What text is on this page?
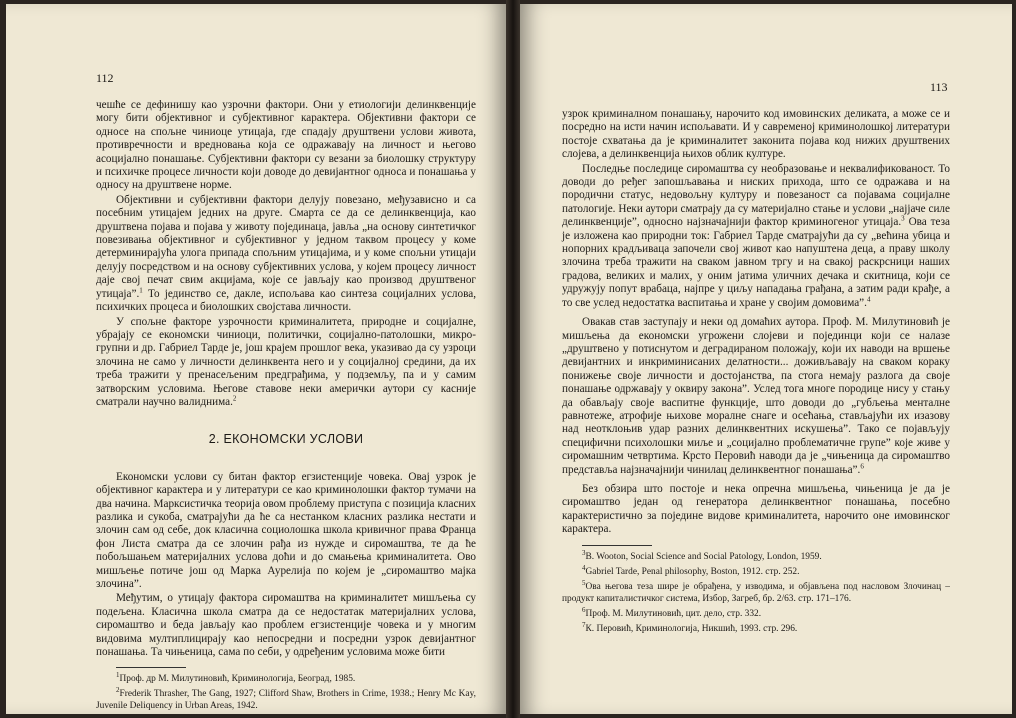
112

чешће се дефинишу као узрочни фактори. Они у етиологији делинквенције могу бити објективног и субјективног карактера. Објективни фактори се односе на спољне чиниоце утицаја, где спадају друштвени услови живота, противречности и вредновања која се одражавају на личност и његово асоцијално понашање. Субјективни фактори су везани за биолошку структуру и психичке процесе личности који доводе до девијантног односа и понашања у односу на друштвене норме.

Објективни и субјективни фактори делују повезано, међузависно и са посебним утицајем једних на друге. Смарта се да се делинквенција, као друштвена појава и појава у животу појединаца, јавља „на основу синтетичког повезивања објективног и субјективног у једном таквом процесу у коме детерминирајућа улога припада спољним утицајима, и у коме спољни утицаји делују посредством и на основу субјективних услова, у којем процесу личност даје свој печат свим акцијама, које се јављају као производ друштвеног утицаја”.$^1$ То јединство се, дакле, испољава као синтеза социјалних услова, психичких процеса и биолошких својстава личности.

У спољне факторе узрочности криминалитета, природне и социјалне, убрајају се економски чиниоци, политички, социјално-патолошки, микро-групни и др. Габриел Тарде је, још крајем прошлог века, указивао да су узроци злочина не само у личности делинквента него и у социјалној средини, да их треба тражити у пренасељеним предграђима, у подземљу, па и у самим затворским условима. Његове ставове неки амерички аутори су касније сматрали научно валиднима.$^2$

2. ЕКОНОМСКИ УСЛОВИ

Економски услови су битан фактор егзистенције човека. Овај узрок је објективног карактера и у литератури се као криминолошки фактор тумачи на два начина. Марксистичка теорија овом проблему приступа с позиција класних разлика и сукоба, сматрајући да ће са нестанком класних разлика нестати и злочин сам од себе, док класична социолошка школа кривичног права Франца фон Листа сматра да се злочин рађа из нужде и сиромаштва, те да ће побољшањем материјалних услова доћи и до смањења криминалитета. Ово мишљење потиче још од Марка Аурелија по којем је „сиромаштво мајка злочина”.

Међутим, о утицају фактора сиромаштва на криминалитет мишљења су подељена. Класична школа сматра да се недостатак материјалних услова, сиромаштво и беда јављају као проблем егзистенције човека и у многим видовима мултиплицирају као непосредни и посредни узрок девијантног понашања. Та чињеница, сама по себи, у одређеним условима може бити

$^1$Проф. др М. Милутиновић, Криминологија, Београд, 1985.

$^2$Frederik Thrasher, The Gang, 1927; Clifford Shaw, Brothers in Crime, 1938.; Henry Mc Kay, Juvenile Deliquency in Urban Areas, 1942.

113

узрок криминалном понашању, нарочито код имовинских деликата, а може се и посредно на исти начин испољавати. И у савременој криминолошкој литератури постоје схватања да је криминалитет законита појава код нижих друштвених слојева, а делинквенција њихов облик културе.

Последње последице сиромаштва су необразовање и неквалификованост. То доводи до ређег запошљавања и ниских прихода, што се одражава и на породични статус, недовољну културу и повезаност са појавама социјалне патологије. Неки аутори сматрају да су материјално стање и услови „најјаче силе делинквенције”, односно најзначајнији фактор криминогеног утицаја.$^3$ Ова теза је изложена као природни ток: Габриел Тарде сматрајући да су „већина убица и нопорних крадљиваца започели свој живот као напуштена деца, а праву школу злочина треба тражити на сваком јавном тргу и на свакој раскрсници наших градова, великих и малих, у оним јатима уличних дечака и скитница, који се удружују попут врабаца, најпре у циљу нападања грађана, а затим ради крађе, а то све услед недостатка васпитања и хране у својим домовима”.$^4$

Овакав став заступају и неки од домаћих аутора. Проф. М. Милутиновић је мишљења да економски угрожени слојеви и појединци који се налазе „друштвено у потиснутом и деградираном положају, који их наводи на вршење девијантних и инкриминисаних делатности... доживљавају на сваком кораку понижење своје личности и достојанства, па стога немају разлога да своје понашање одржавају у оквиру закона”. Услед тога многе породице нису у стању да обављају своје васпитне функције, што доводи до „губљења менталне равнотеже, атрофије њихове моралне снаге и осећања, стављајући их изазову над неотклоњив удар разних делинквентних искушења”. Тако се појављују специфични психолошки миље и „социјално проблематичне групе” које живе у сиромашним четвртима. Крсто Перовић наводи да је „чињеница да сиромаштво представља најзначајнији чинилац делинквентног понашања”.$^6$

Без обзира што постоје и нека опречна мишљења, чињеница је да је сиромаштво један од генератора делинквентног понашања, посебно карактеристично за поједине видове криминалитета, нарочито оне имовинског карактера.

$^3$B. Wooton, Social Science and Social Patology, London, 1959.

$^4$Gabriel Tarde, Penal philosophy, Boston, 1912. стр. 252.

$^5$Ова његова теза шире је обрађена, у изводима, и објављена под насловом Злочинац – продукт капиталистичког система, Избор, Загреб, бр. 2/63. стр. 171–176.

$^6$Проф. М. Милутиновић, цит. дело, стр. 332.

$^7$К. Перовић, Криминологија, Никшић, 1993. стр. 296.
